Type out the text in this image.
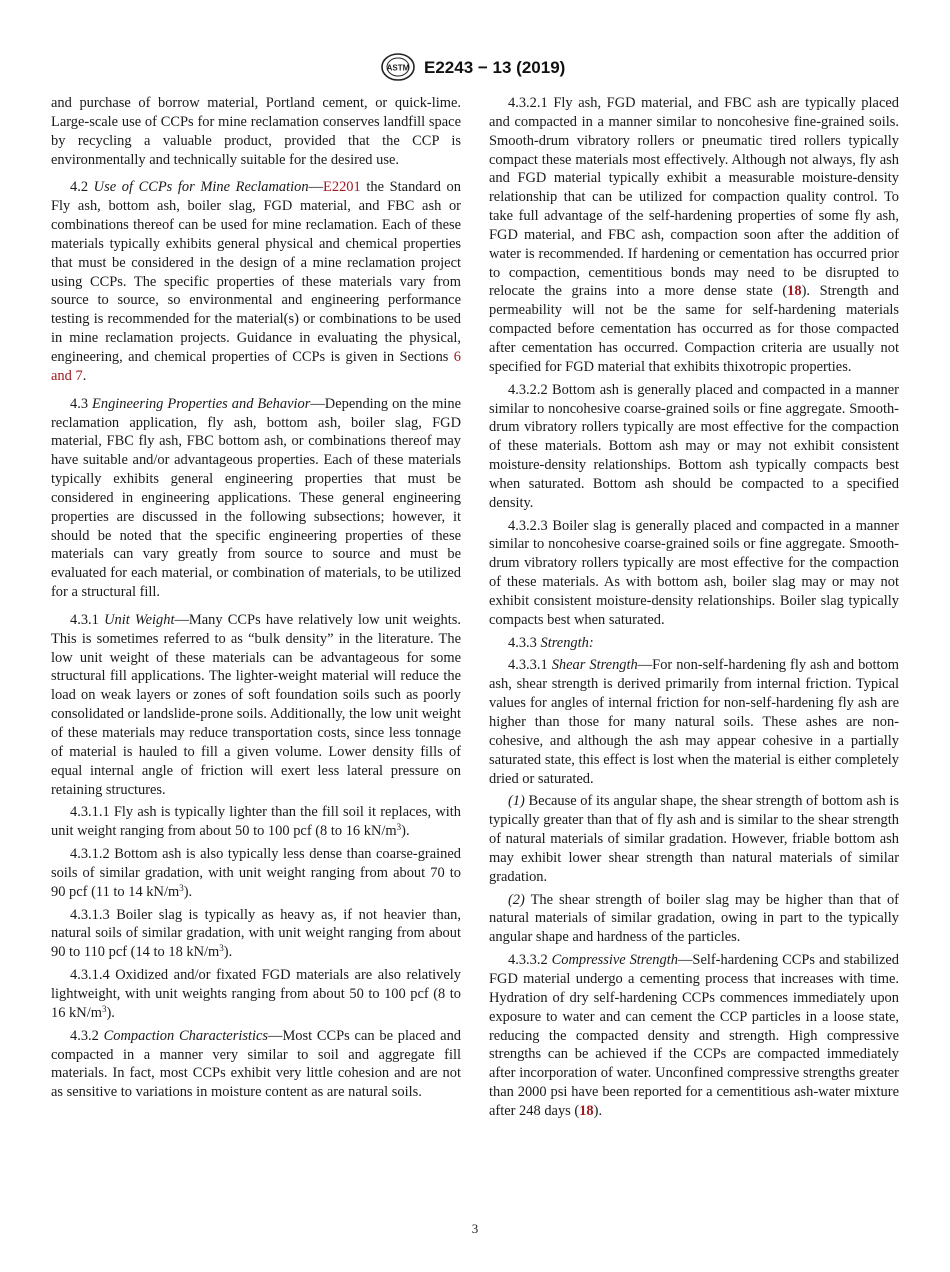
ASTM E2243 − 13 (2019)

and purchase of borrow material, Portland cement, or quick-lime. Large-scale use of CCPs for mine reclamation conserves landfill space by recycling a valuable product, provided that the CCP is environmentally and technically suitable for the desired use.

4.2 Use of CCPs for Mine Reclamation—E2201 the Standard on Fly ash, bottom ash, boiler slag, FGD material, and FBC ash or combinations thereof can be used for mine reclamation. Each of these materials typically exhibits general physical and chemical properties that must be considered in the design of a mine reclamation project using CCPs. The specific properties of these materials vary from source to source, so environmental and engineering performance testing is recommended for the material(s) or combinations to be used in mine reclamation projects. Guidance in evaluating the physical, engineering, and chemical properties of CCPs is given in Sections 6 and 7.

4.3 Engineering Properties and Behavior—Depending on the mine reclamation application, fly ash, bottom ash, boiler slag, FGD material, FBC fly ash, FBC bottom ash, or combinations thereof may have suitable and/or advantageous properties. Each of these materials typically exhibits general engineering properties that must be considered in engineering applications. These general engineering properties are discussed in the following subsections; however, it should be noted that the specific engineering properties of these materials can vary greatly from source to source and must be evaluated for each material, or combination of materials, to be utilized for a structural fill.

4.3.1 Unit Weight—Many CCPs have relatively low unit weights. This is sometimes referred to as “bulk density” in the literature. The low unit weight of these materials can be advantageous for some structural fill applications. The lighter-weight material will reduce the load on weak layers or zones of soft foundation soils such as poorly consolidated or landslide-prone soils. Additionally, the low unit weight of these materials may reduce transportation costs, since less tonnage of material is hauled to fill a given volume. Lower density fills of equal internal angle of friction will exert less lateral pressure on retaining structures.

4.3.1.1 Fly ash is typically lighter than the fill soil it replaces, with unit weight ranging from about 50 to 100 pcf (8 to 16 $kN/m^3$).

4.3.1.2 Bottom ash is also typically less dense than coarse-grained soils of similar gradation, with unit weight ranging from about 70 to 90 pcf (11 to 14 $kN/m^3$).

4.3.1.3 Boiler slag is typically as heavy as, if not heavier than, natural soils of similar gradation, with unit weight ranging from about 90 to 110 pcf (14 to 18 $kN/m^3$).

4.3.1.4 Oxidized and/or fixated FGD materials are also relatively lightweight, with unit weights ranging from about 50 to 100 pcf (8 to 16 $kN/m^3$).

4.3.2 Compaction Characteristics—Most CCPs can be placed and compacted in a manner very similar to soil and aggregate fill materials. In fact, most CCPs exhibit very little cohesion and are not as sensitive to variations in moisture content as are natural soils.

4.3.2.1 Fly ash, FGD material, and FBC ash are typically placed and compacted in a manner similar to noncohesive fine-grained soils. Smooth-drum vibratory rollers or pneumatic tired rollers typically compact these materials most effectively. Although not always, fly ash and FGD material typically exhibit a measurable moisture-density relationship that can be utilized for compaction quality control. To take full advantage of the self-hardening properties of some fly ash, FGD material, and FBC ash, compaction soon after the addition of water is recommended. If hardening or cementation has occurred prior to compaction, cementitious bonds may need to be disrupted to relocate the grains into a more dense state (18). Strength and permeability will not be the same for self-hardening materials compacted before cementation has occurred as for those compacted after cementation has occurred. Compaction criteria are usually not specified for FGD material that exhibits thixotropic properties.

4.3.2.2 Bottom ash is generally placed and compacted in a manner similar to noncohesive coarse-grained soils or fine aggregate. Smooth-drum vibratory rollers typically are most effective for the compaction of these materials. Bottom ash may or may not exhibit consistent moisture-density relationships. Bottom ash typically compacts best when saturated. Bottom ash should be compacted to a specified density.

4.3.2.3 Boiler slag is generally placed and compacted in a manner similar to noncohesive coarse-grained soils or fine aggregate. Smooth-drum vibratory rollers typically are most effective for the compaction of these materials. As with bottom ash, boiler slag may or may not exhibit consistent moisture-density relationships. Boiler slag typically compacts best when saturated.

4.3.3 Strength:

4.3.3.1 Shear Strength—For non-self-hardening fly ash and bottom ash, shear strength is derived primarily from internal friction. Typical values for angles of internal friction for non-self-hardening fly ash are higher than those for many natural soils. These ashes are non-cohesive, and although the ash may appear cohesive in a partially saturated state, this effect is lost when the material is either completely dried or saturated.

(1) Because of its angular shape, the shear strength of bottom ash is typically greater than that of fly ash and is similar to the shear strength of natural materials of similar gradation. However, friable bottom ash may exhibit lower shear strength than natural materials of similar gradation.

(2) The shear strength of boiler slag may be higher than that of natural materials of similar gradation, owing in part to the typically angular shape and hardness of the particles.

4.3.3.2 Compressive Strength—Self-hardening CCPs and stabilized FGD material undergo a cementing process that increases with time. Hydration of dry self-hardening CCPs commences immediately upon exposure to water and can cement the CCP particles in a loose state, reducing the compacted density and strength. High compressive strengths can be achieved if the CCPs are compacted immediately after incorporation of water. Unconfined compressive strengths greater than 2000 psi have been reported for a cementitious ash-water mixture after 248 days (18).

3
